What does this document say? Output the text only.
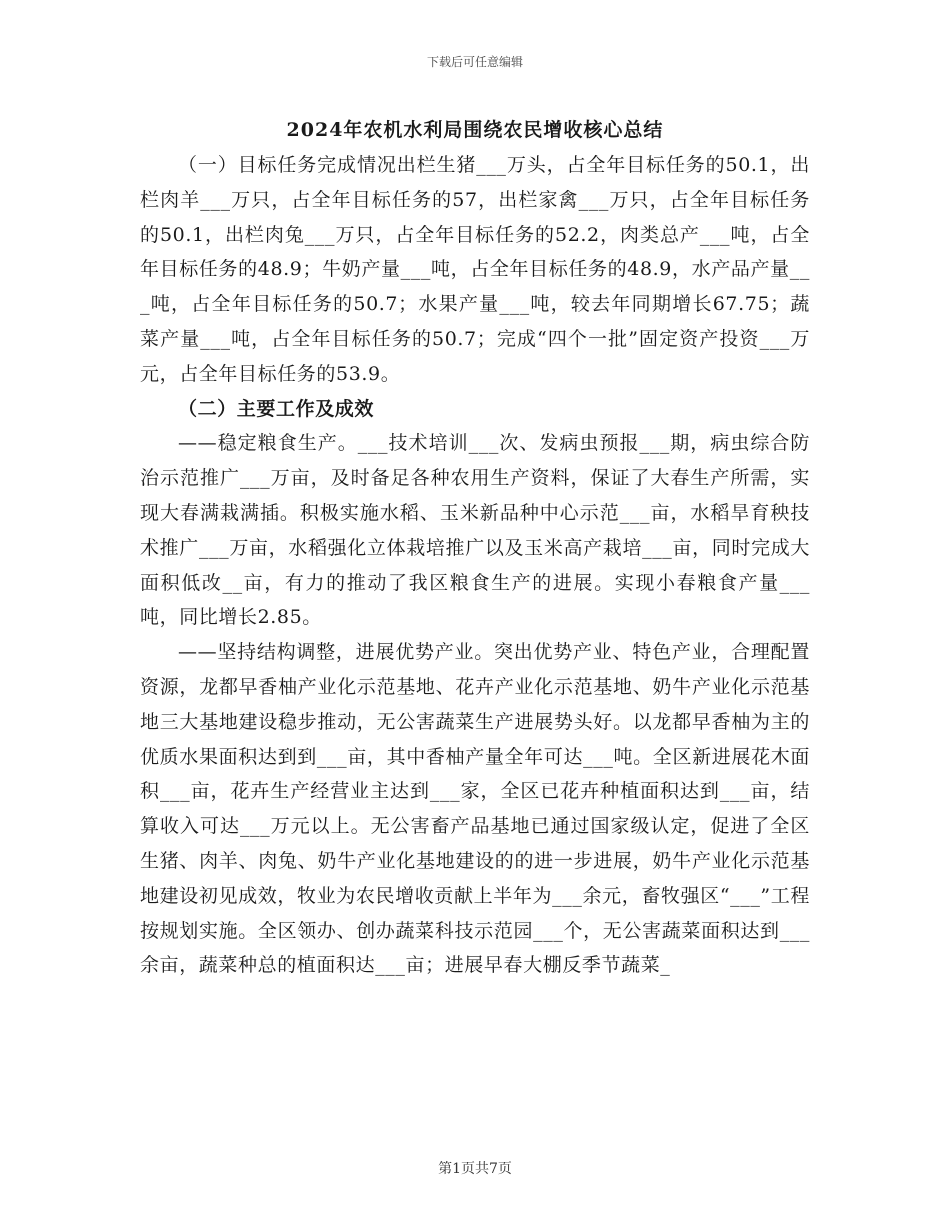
下载后可任意编辑
2024年农机水利局围绕农民增收核心总结

（一）目标任务完成情况出栏生猪___万头，占全年目标任务的50.1，出栏肉羊___万只，占全年目标任务的57，出栏家禽___万只，占全年目标任务的50.1，出栏肉兔___万只，占全年目标任务的52.2，肉类总产___吨，占全年目标任务的48.9；牛奶产量___吨，占全年目标任务的48.9，水产品产量___吨，占全年目标任务的50.7；水果产量___吨，较去年同期增长67.75；蔬菜产量___吨，占全年目标任务的50.7；完成“四个一批”固定资产投资___万元，占全年目标任务的53.9。

（二）主要工作及成效

——稳定粮食生产。___技术培训___次、发病虫预报___期，病虫综合防治示范推广___万亩，及时备足各种农用生产资料，保证了大春生产所需，实现大春满栽满插。积极实施水稻、玉米新品种中心示范___亩，水稻旱育秧技术推广___万亩，水稻强化立体栽培推广以及玉米高产栽培___亩，同时完成大面积低改__亩，有力的推动了我区粮食生产的进展。实现小春粮食产量___吨，同比增长2.85。

——坚持结构调整，进展优势产业。突出优势产业、特色产业，合理配置资源，龙都早香柚产业化示范基地、花卉产业化示范基地、奶牛产业化示范基地三大基地建设稳步推动，无公害蔬菜生产进展势头好。以龙都早香柚为主的优质水果面积达到到___亩，其中香柚产量全年可达___吨。全区新进展花木面积___亩，花卉生产经营业主达到___家，全区已花卉种植面积达到___亩，结算收入可达___万元以上。无公害畜产品基地已通过国家级认定，促进了全区生猪、肉羊、肉兔、奶牛产业化基地建设的的进一步进展，奶牛产业化示范基地建设初见成效，牧业为农民增收贡献上半年为___余元，畜牧强区“___”工程按规划实施。全区领办、创办蔬菜科技示范园___个，无公害蔬菜面积达到___余亩，蔬菜种总的植面积达___亩；进展早春大棚反季节蔬菜_

第1页共7页
